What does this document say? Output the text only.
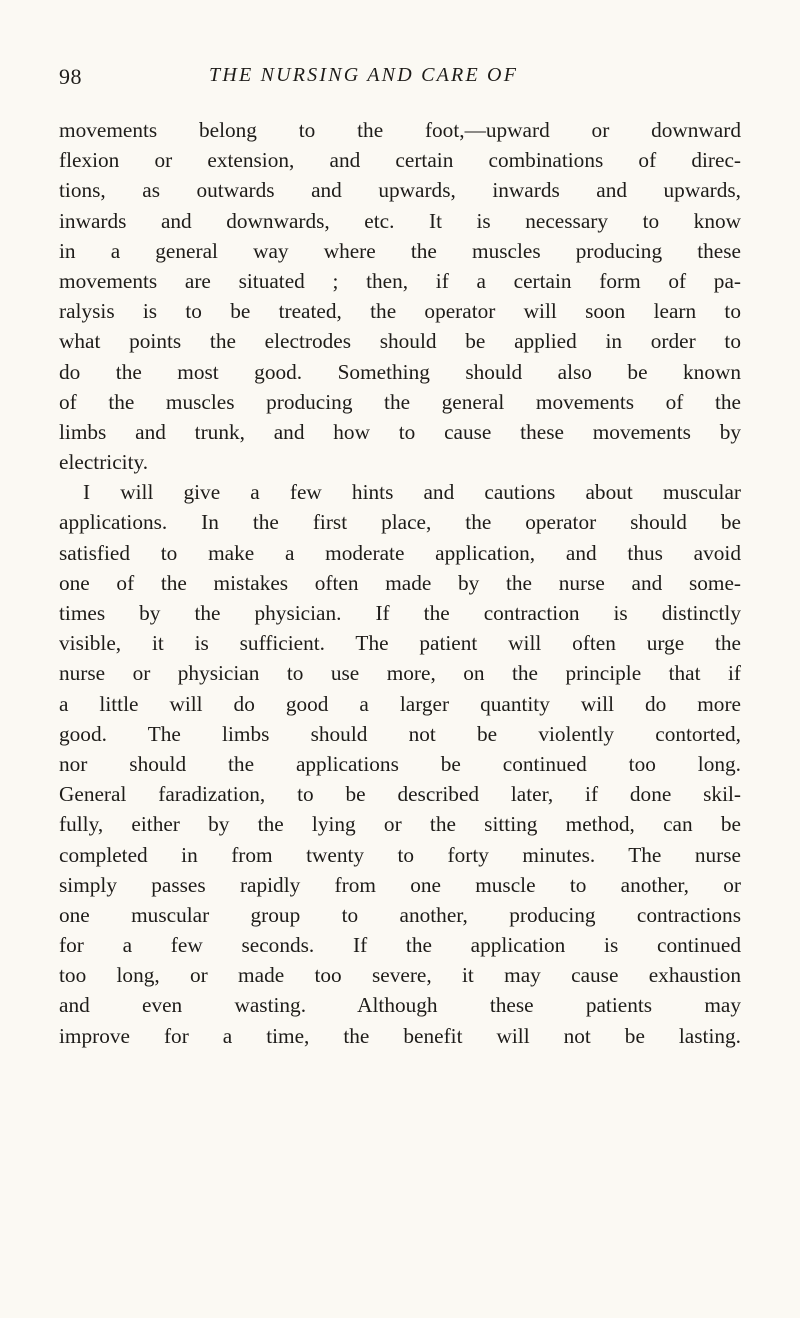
98	THE NURSING AND CARE OF
movements belong to the foot,—upward or downward
flexion or extension, and certain combinations of direc-
tions, as outwards and upwards, inwards and upwards,
inwards and downwards, etc. It is necessary to know
in a general way where the muscles producing these
movements are situated ; then, if a certain form of pa-
ralysis is to be treated, the operator will soon learn to
what points the electrodes should be applied in order to
do the most good. Something should also be known
of the muscles producing the general movements of the
limbs and trunk, and how to cause these movements by
electricity.
I will give a few hints and cautions about muscular
applications. In the first place, the operator should be
satisfied to make a moderate application, and thus avoid
one of the mistakes often made by the nurse and some-
times by the physician. If the contraction is distinctly
visible, it is sufficient. The patient will often urge the
nurse or physician to use more, on the principle that if
a little will do good a larger quantity will do more
good. The limbs should not be violently contorted,
nor should the applications be continued too long.
General faradization, to be described later, if done skil-
fully, either by the lying or the sitting method, can be
completed in from twenty to forty minutes. The nurse
simply passes rapidly from one muscle to another, or
one muscular group to another, producing contractions
for a few seconds. If the application is continued
too long, or made too severe, it may cause exhaustion
and even wasting. Although these patients may
improve for a time, the benefit will not be lasting.
